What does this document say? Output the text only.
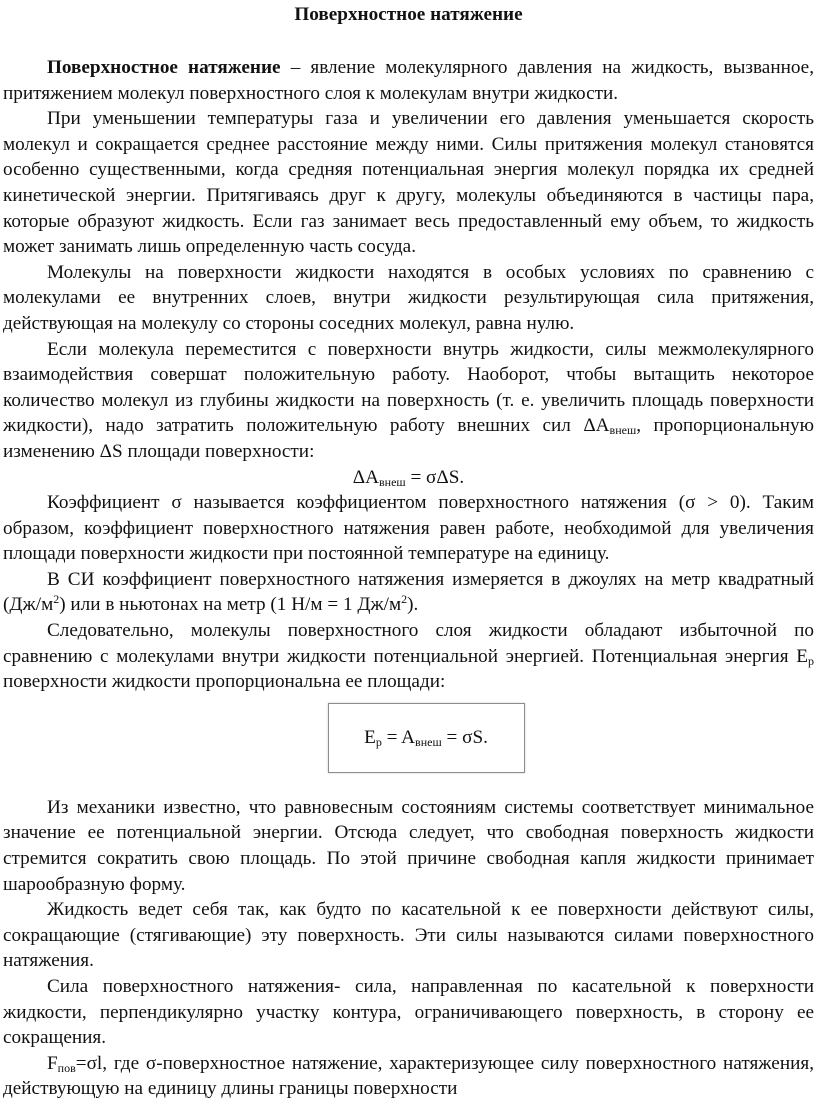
Поверхностное натяжение

Поверхностное натяжение – явление молекулярного давления на жидкость, вызванное, притяжением молекул поверхностного слоя к молекулам внутри жидкости.

При уменьшении температуры газа и увеличении его давления уменьшается скорость молекул и сокращается среднее расстояние между ними. Силы притяжения молекул становятся особенно существенными, когда средняя потенциальная энергия молекул порядка их средней кинетической энергии. Притягиваясь друг к другу, молекулы объединяются в частицы пара, которые образуют жидкость. Если газ занимает весь предоставленный ему объем, то жидкость может занимать лишь определенную часть сосуда.

Молекулы на поверхности жидкости находятся в особых условиях по сравнению с молекулами ее внутренних слоев, внутри жидкости результирующая сила притяжения, действующая на молекулу со стороны соседних молекул, равна нулю.

Если молекула переместится с поверхности внутрь жидкости, силы межмолекулярного взаимодействия совершат положительную работу. Наоборот, чтобы вытащить некоторое количество молекул из глубины жидкости на поверхность (т. е. увеличить площадь поверхности жидкости), надо затратить положительную работу внешних сил $\Delta A_{внеш}$, пропорциональную изменению ΔS площади поверхности:

$\Delta A_{внеш} = \sigma\Delta S$.

Коэффициент σ называется коэффициентом поверхностного натяжения (σ > 0). Таким образом, коэффициент поверхностного натяжения равен работе, необходимой для увеличения площади поверхности жидкости при постоянной температуре на единицу.

В СИ коэффициент поверхностного натяжения измеряется в джоулях на метр квадратный $(Дж/м^2)$ или в ньютонах на метр (1 Н/м = 1 $Дж/м^2$).

Следовательно, молекулы поверхностного слоя жидкости обладают избыточной по сравнению с молекулами внутри жидкости потенциальной энергией. Потенциальная энергия $E_p$ поверхности жидкости пропорциональна ее площади:

$E_p = A_{внеш} = \sigma S$.

Из механики известно, что равновесным состояниям системы соответствует минимальное значение ее потенциальной энергии. Отсюда следует, что свободная поверхность жидкости стремится сократить свою площадь. По этой причине свободная капля жидкости принимает шарообразную форму.

Жидкость ведет себя так, как будто по касательной к ее поверхности действуют силы, сокращающие (стягивающие) эту поверхность. Эти силы называются силами поверхностного натяжения.

Сила поверхностного натяжения- сила, направленная по касательной к поверхности жидкости, перпендикулярно участку контура, ограничивающего поверхность, в сторону ее сокращения.

$F_{пов}=\sigma l$, где σ-поверхностное натяжение, характеризующее силу поверхностного натяжения, действующую на единицу длины границы поверхности
